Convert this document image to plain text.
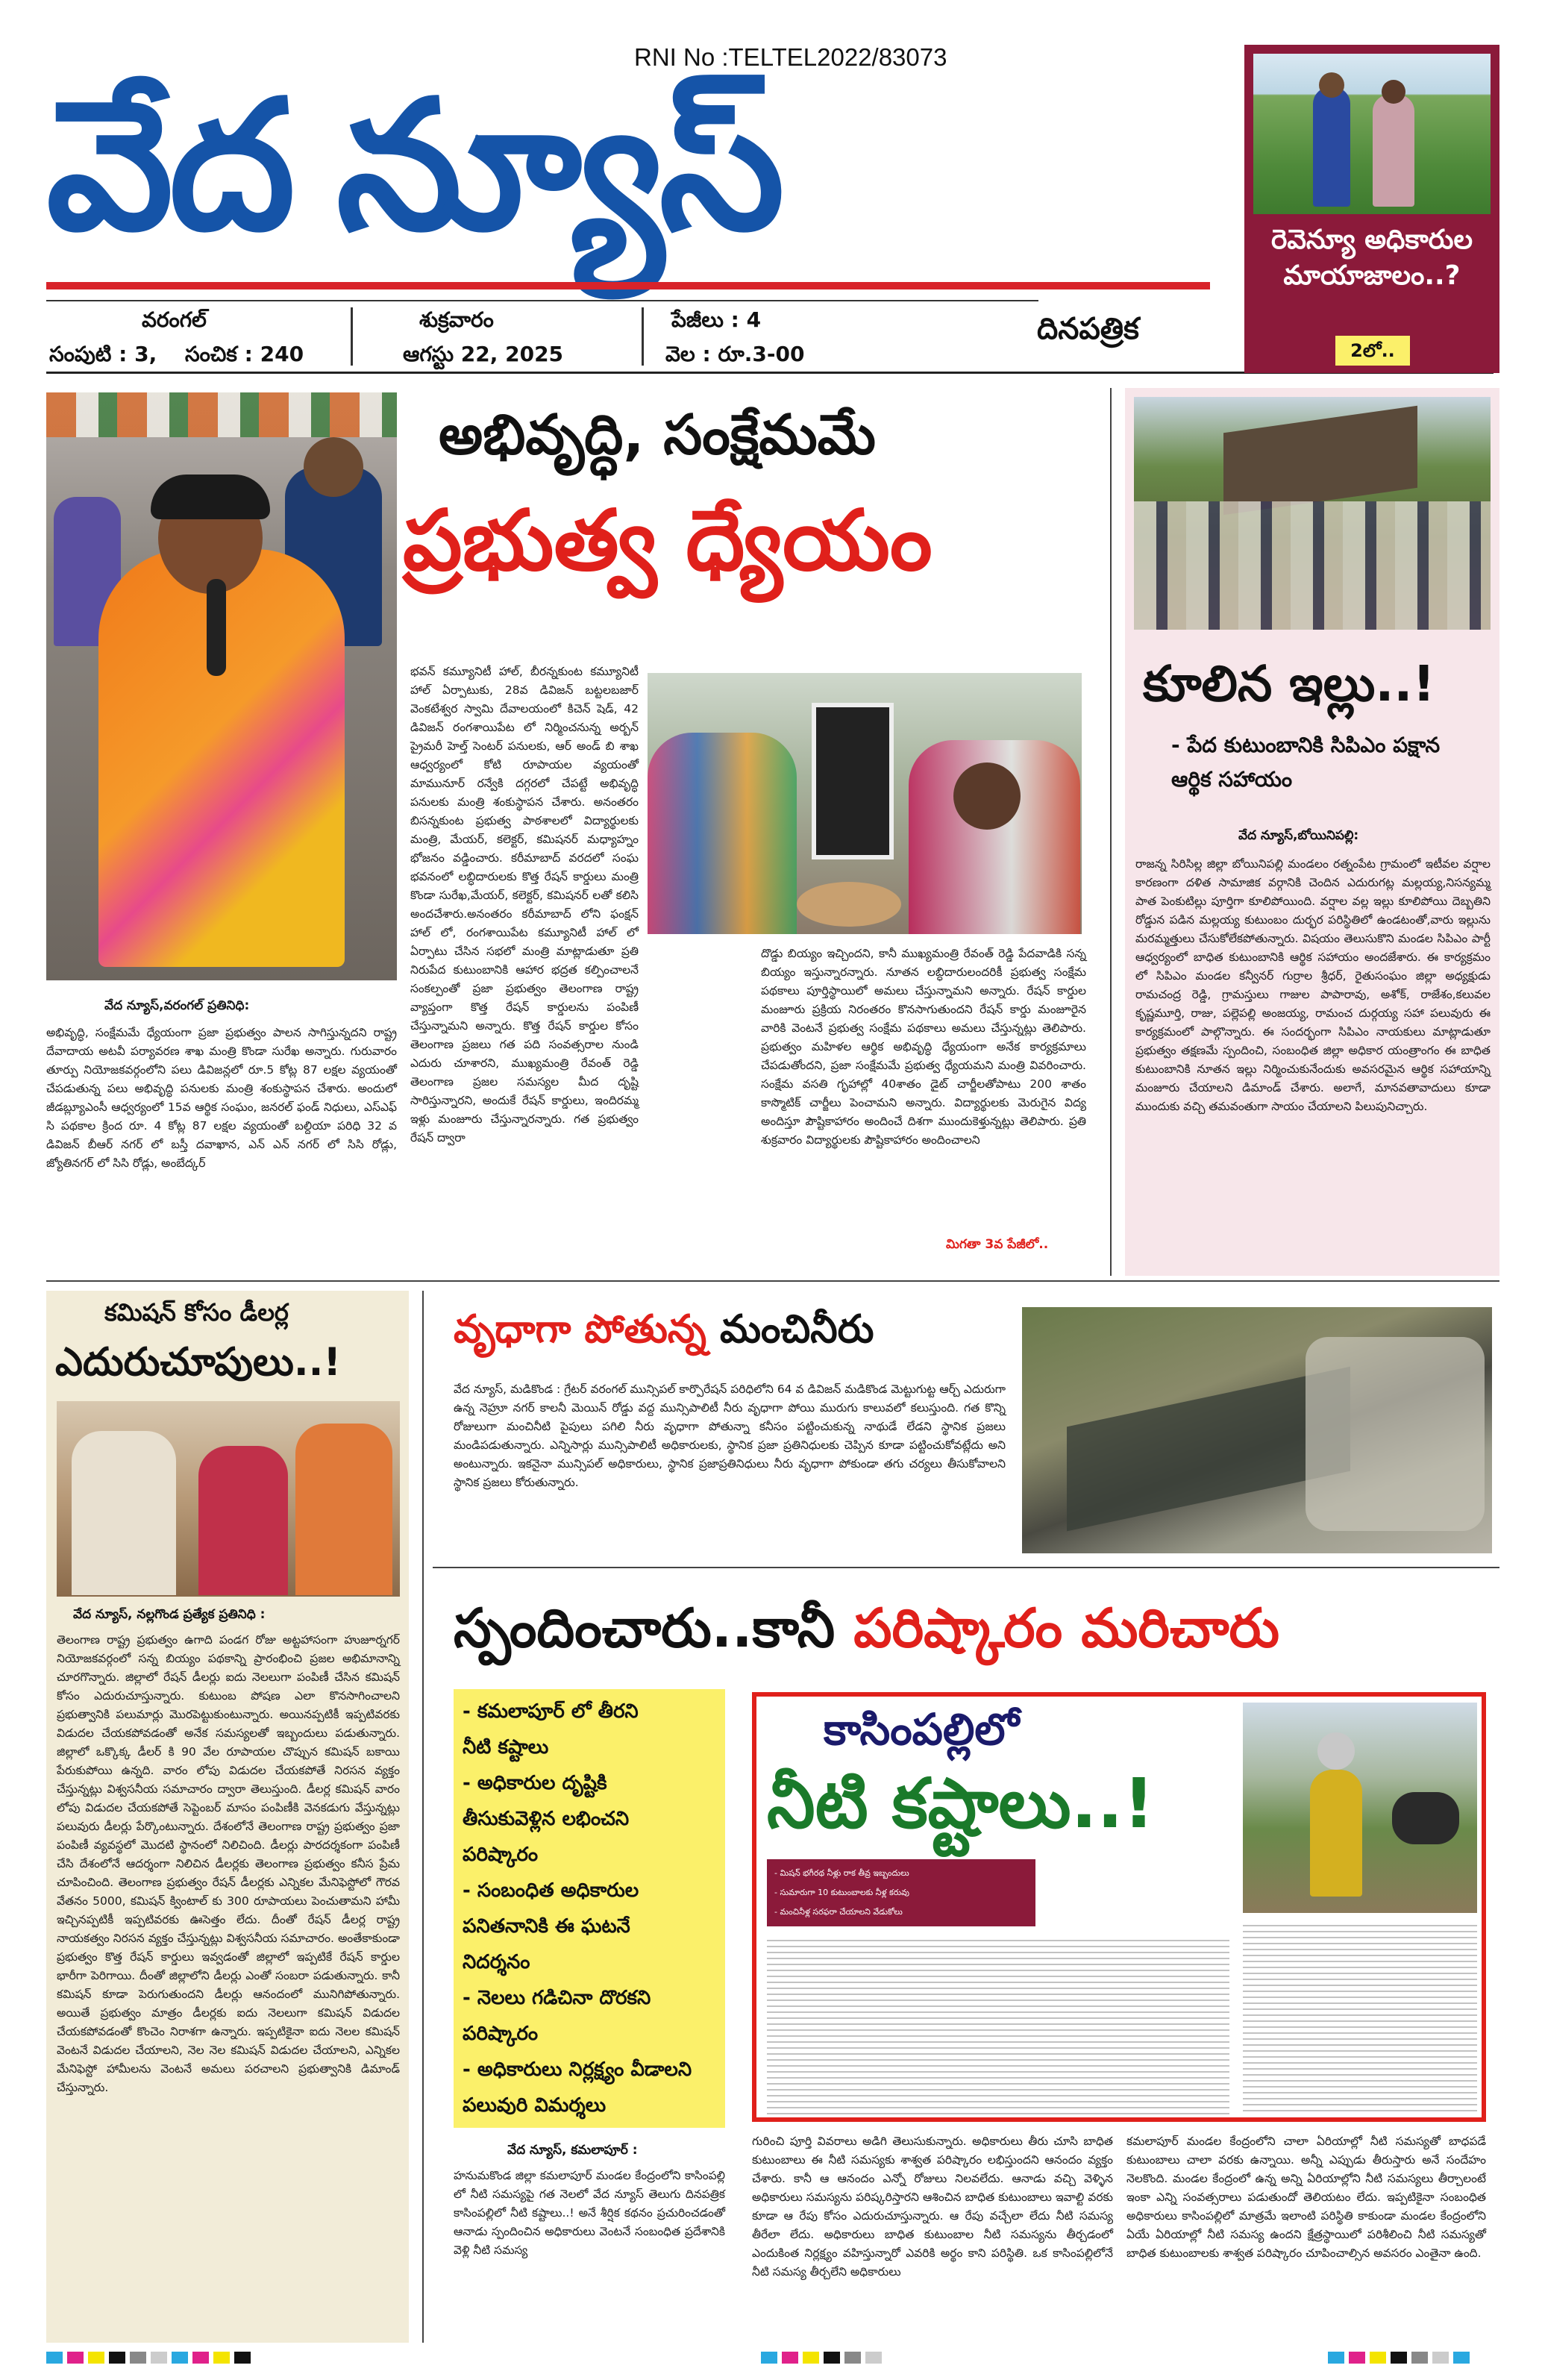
RNI No :TELTEL2022/83073
వేద న్యూస్
దినపత్రిక
వరంగల్
సంపుటి : 3, సంచిక : 240
శుక్రవారం
ఆగస్టు 22, 2025
పేజీలు : 4
వెల : రూ.3-00
రెవెన్యూ అధికారుల మాయాజాలం..?
2లో..
అభివృద్ధి, సంక్షేమమే
ప్రభుత్వ ధ్యేయం
వేద న్యూస్,వరంగల్ ప్రతినిధి:
అభివృద్ధి, సంక్షేమమే ధ్యేయంగా ప్రజా ప్రభుత్వం పాలన సాగిస్తున్నదని రాష్ట్ర దేవాదాయ అటవీ పర్యావరణ శాఖ మంత్రి కొండా సురేఖ అన్నారు. గురువారం తూర్పు నియోజకవర్గంలోని పలు డివిజన్లలో రూ.5 కోట్ల 87 లక్షల వ్యయంతో చేపడుతున్న పలు అభివృద్ధి పనులకు మంత్రి శంకుస్థాపన చేశారు. అందులో జీడబ్ల్యూఎంసీ ఆధ్వర్యంలో 15వ ఆర్థిక సంఘం, జనరల్ ఫండ్ నిధులు, ఎస్ఎఫ్ సి పథకాల క్రింద రూ. 4 కోట్ల 87 లక్షల వ్యయంతో బల్దియా పరిధి 32 వ డివిజన్ బీఆర్ నగర్ లో బస్తీ దవాఖాన, ఎన్ ఎన్ నగర్ లో సిసి రోడ్లు, జ్యోతినగర్ లో సిసి రోడ్లు, అంబేద్కర్
భవన్ కమ్యూనిటీ హాల్, బీరన్నకుంట కమ్యూనిటీ హాల్ ఏర్పాటుకు, 28వ డివిజన్ బట్టలబజార్ వెంకటేశ్వర స్వామి దేవాలయంలో కిచెన్ షెడ్, 42 డివిజన్ రంగశాయిపేట లో నిర్మించనున్న అర్బన్ ప్రైమరీ హెల్త్ సెంటర్ పనులకు, ఆర్ అండ్ బి శాఖ ఆధ్వర్యంలో కోటి రూపాయల వ్యయంతో మామునూర్ రన్వేకి దగ్గరలో చేపట్టే అభివృద్ధి పనులకు మంత్రి శంకుస్థాపన చేశారు. అనంతరం బిసన్నకుంట ప్రభుత్వ పాఠశాలలో విద్యార్థులకు మంత్రి, మేయర్, కలెక్టర్, కమిషనర్ మధ్యాహ్నం భోజనం వడ్డించారు. కరీమాబాద్ వరదలో సంఘ భవనంలో లబ్ధిదారులకు కొత్త రేషన్ కార్డులు మంత్రి కొండా సురేఖ,మేయర్, కలెక్టర్, కమిషనర్ లతో కలిసి అందచేశారు.అనంతరం కరీమాబాద్ లోని ఫంక్షన్ హాల్ లో, రంగశాయిపేట కమ్యూనిటీ హాల్ లో ఏర్పాటు చేసిన సభలో మంత్రి మాట్లాడుతూ ప్రతి నిరుపేద కుటుంబానికి ఆహార భద్రత కల్పించాలనే సంకల్పంతో ప్రజా ప్రభుత్వం తెలంగాణ రాష్ట్ర వ్యాప్తంగా కొత్త రేషన్ కార్డులను పంపిణీ చేస్తున్నామని అన్నారు. కొత్త రేషన్ కార్డుల కోసం తెలంగాణ ప్రజలు గత పది సంవత్సరాల నుండి ఎదురు చూశారని, ముఖ్యమంత్రి రేవంత్ రెడ్డి తెలంగాణ ప్రజల సమస్యల మీద దృష్టి సారిస్తున్నారని, అందుకే రేషన్ కార్డులు, ఇందిరమ్మ ఇళ్లు మంజూరు చేస్తున్నారన్నారు. గత ప్రభుత్వం రేషన్ ద్వారా
దొడ్డు బియ్యం ఇచ్చిందని, కానీ ముఖ్యమంత్రి రేవంత్ రెడ్డి పేదవాడికి సన్న బియ్యం ఇస్తున్నారన్నారు. నూతన లబ్ధిదారులందరికీ ప్రభుత్వ సంక్షేమ పథకాలు పూర్తిస్థాయిలో అమలు చేస్తున్నామని అన్నారు. రేషన్ కార్డుల మంజూరు ప్రక్రియ నిరంతరం కొనసాగుతుందని రేషన్ కార్డు మంజూరైన వారికి వెంటనే ప్రభుత్వ సంక్షేమ పథకాలు అమలు చేస్తున్నట్లు తెలిపారు. ప్రభుత్వం మహిళల ఆర్థిక అభివృద్ధి ధ్యేయంగా అనేక కార్యక్రమాలు చేపడుతోందని, ప్రజా సంక్షేమమే ప్రభుత్వ ధ్యేయమని మంత్రి వివరించారు. సంక్షేమ వసతి గృహాల్లో 40శాతం డైట్ చార్జీలతోపాటు 200 శాతం కాస్మొటిక్ చార్జీలు పెంచామని అన్నారు. విద్యార్థులకు మెరుగైన విద్య అందిస్తూ పౌష్టికాహారం అందించే దిశగా ముందుకెళ్తున్నట్లు తెలిపారు. ప్రతి శుక్రవారం విద్యార్థులకు పౌష్టికాహారం అందించాలని
మిగతా 3వ పేజీలో..
కూలిన ఇల్లు..!
- పేద కుటుంబానికి సిపిఎం పక్షాన ఆర్థిక సహాయం
వేద న్యూస్,బోయినిపల్లి:
రాజన్న సిరిసిల్ల జిల్లా బోయినిపల్లి మండలం రత్నంపేట గ్రామంలో ఇటీవల వర్షాల కారణంగా దళిత సామాజిక వర్గానికి చెందిన ఎదురుగట్ల మల్లయ్య,నిసన్యమ్మ పాత పెంకుటిల్లు పూర్తిగా కూలిపోయింది. వర్షాల వల్ల ఇల్లు కూలిపోయి దెబ్బతిని రోడ్డున పడిన మల్లయ్య కుటుంబం దుర్భర పరిస్థితిలో ఉండటంతో,వారు ఇల్లును మరమ్మత్తులు చేసుకోలేకపోతున్నారు. విషయం తెలుసుకొని మండల సిపిఎం పార్టీ ఆధ్వర్యంలో బాధిత కుటుంబానికి ఆర్థిక సహాయం అందజేశారు. ఈ కార్యక్రమం లో సిపిఎం మండల కన్వీనర్ గుర్రాల శ్రీధర్, రైతుసంఘం జిల్లా అధ్యక్షుడు రామచంద్ర రెడ్డి, గ్రామస్తులు గాజుల పాపారావు, అశోక్, రాజేశం,కలువల కృష్ణమూర్తి, రాజు, పల్లెపల్లి అంజయ్య, రామంచ దుర్గయ్య సహా పలువురు ఈ కార్యక్రమంలో పాల్గొన్నారు. ఈ సందర్భంగా సిపిఎం నాయకులు మాట్లాడుతూ ప్రభుత్వం తక్షణమే స్పందించి, సంబంధిత జిల్లా అధికార యంత్రాంగం ఈ బాధిత కుటుంబానికి నూతన ఇల్లు నిర్మించుకునేందుకు అవసరమైన ఆర్థిక సహాయాన్ని మంజూరు చేయాలని డిమాండ్ చేశారు. అలాగే, మానవతావాదులు కూడా ముందుకు వచ్చి తమవంతుగా సాయం చేయాలని పిలుపునిచ్చారు.
కమిషన్ కోసం డీలర్ల
ఎదురుచూపులు..!
వేద న్యూస్, నల్లగొండ ప్రత్యేక ప్రతినిధి :
తెలంగాణ రాష్ట్ర ప్రభుత్వం ఉగాది పండగ రోజు అట్టహాసంగా హుజూర్నగర్ నియోజకవర్గంలో సన్న బియ్యం పథకాన్ని ప్రారంభించి ప్రజల అభిమానాన్ని చూరగొన్నారు. జిల్లాలో రేషన్ డీలర్లు ఐదు నెలలుగా పంపిణీ చేసిన కమిషన్ కోసం ఎదురుచూస్తున్నారు. కుటుంబ పోషణ ఎలా కొనసాగించాలని ప్రభుత్వానికి పలుమార్లు మొరపెట్టుకుంటున్నారు. అయినప్పటికీ ఇప్పటివరకు విడుదల చేయకపోవడంతో అనేక సమస్యలతో ఇబ్బందులు పడుతున్నారు. జిల్లాలో ఒక్కొక్క డీలర్ కి 90 వేల రూపాయల చొప్పున కమిషన్ బకాయి పేరుకుపోయి ఉన్నది. వారం లోపు విడుదల చేయకపోతే నిరసన వ్యక్తం చేస్తున్నట్లు విశ్వసనీయ సమాచారం ద్వారా తెలుస్తుంది. డీలర్ల కమిషన్ వారం లోపు విడుదల చేయకపోతే సెప్టెంబర్ మాసం పంపిణీకి వెనకడుగు వేస్తున్నట్లు పలువురు డీలర్లు పేర్కొంటున్నారు. దేశంలోనే తెలంగాణ రాష్ట్ర ప్రభుత్వం ప్రజా పంపిణీ వ్యవస్థలో మొదటి స్థానంలో నిలిచింది. డీలర్లు పారదర్శకంగా పంపిణీ చేసి దేశంలోనే ఆదర్శంగా నిలిచిన డీలర్లకు తెలంగాణ ప్రభుత్వం కనీస ప్రేమ చూపించింది. తెలంగాణ ప్రభుత్వం రేషన్ డీలర్లకు ఎన్నికల మేనిఫెస్టోలో గౌరవ వేతనం 5000, కమిషన్ క్వింటాల్ కు 300 రూపాయలు పెంచుతామని హామీ ఇచ్చినప్పటికీ ఇప్పటివరకు ఊసెత్తం లేదు. దీంతో రేషన్ డీలర్ల రాష్ట్ర నాయకత్వం నిరసన వ్యక్తం చేస్తున్నట్లు విశ్వసనీయ సమాచారం. అంతేకాకుండా ప్రభుత్వం కొత్త రేషన్ కార్డులు ఇవ్వడంతో జిల్లాలో ఇప్పటికే రేషన్ కార్డుల భారీగా పెరిగాయి. దీంతో జిల్లాలోని డీలర్లు ఎంతో సంబరా పడుతున్నారు. కానీ కమిషన్ కూడా పెరుగుతుందని డీలర్లు ఆనందంలో మునిగిపోతున్నారు. అయితే ప్రభుత్వం మాత్రం డీలర్లకు ఐదు నెలలుగా కమిషన్ విడుదల చేయకపోవడంతో కొంచెం నిరాశగా ఉన్నారు. ఇప్పటికైనా ఐదు నెలల కమిషన్ వెంటనే విడుదల చేయాలని, నెల నెల కమిషన్ విడుదల చేయాలని, ఎన్నికల మేనిఫెస్టో హామీలను వెంటనే అమలు పరచాలని ప్రభుత్వానికి డిమాండ్ చేస్తున్నారు.
వృధాగా పోతున్న మంచినీరు
వేద న్యూస్, మడికొండ : గ్రేటర్ వరంగల్ మున్సిపల్ కార్పొరేషన్ పరిధిలోని 64 వ డివిజన్ మడికొండ మెట్టుగుట్ట ఆర్చ్ ఎదురుగా ఉన్న నెహ్రూ నగర్ కాలనీ మెయిన్ రోడ్డు వద్ద మున్సిపాలిటీ నీరు వృధాగా పోయి మురుగు కాలువలో కలుస్తుంది. గత కొన్ని రోజులుగా మంచినీటి పైపులు పగిలి నీరు వృధాగా పోతున్నా కనీసం పట్టించుకున్న నాథుడే లేడని స్థానిక ప్రజలు మండిపడుతున్నారు. ఎన్నిసార్లు మున్సిపాలిటీ అధికారులకు, స్థానిక ప్రజా ప్రతినిధులకు చెప్పిన కూడా పట్టించుకోవట్లేదు అని అంటున్నారు. ఇకనైనా మున్సిపల్ అధికారులు, స్థానిక ప్రజాప్రతినిధులు నీరు వృధాగా పోకుండా తగు చర్యలు తీసుకోవాలని స్థానిక ప్రజలు కోరుతున్నారు.
స్పందించారు..కానీ పరిష్కారం మరిచారు
- కమలాపూర్ లో తీరని
నీటి కష్టాలు
- అధికారుల దృష్టికి
తీసుకువెళ్లిన లభించని
పరిష్కారం
- సంబంధిత అధికారుల
పనితనానికి ఈ ఘటనే
నిదర్శనం
- నెలలు గడిచినా దొరకని
పరిష్కారం
- అధికారులు నిర్లక్ష్యం వీడాలని
పలువురి విమర్శలు
కాసింపల్లిలో
నీటి కష్టాలు..!
- మిషన్ భగీరథ నీళ్లు రాక తీవ్ర ఇబ్బందులు
- సుమారుగా 10 కుటుంబాలకు నీళ్ల కరువు
- మంచినీళ్ల సరఫరా చేయాలని వేడుకోలు
వేద న్యూస్, కమలాపూర్ :
హనుమకొండ జిల్లా కమలాపూర్ మండల కేంద్రంలోని కాసింపల్లి లో నీటి సమస్యపై గత నెలలో వేద న్యూస్ తెలుగు దినపత్రిక కాసింపల్లిలో నీటి కష్టాలు..! అనే శీర్షిక కథనం ప్రచురించడంతో ఆనాడు స్పందించిన అధికారులు వెంటనే సంబంధిత ప్రదేశానికి వెళ్లి నీటి సమస్య
గురించి పూర్తి వివరాలు అడిగి తెలుసుకున్నారు. అధికారులు తీరు చూసి బాధిత కుటుంబాలు ఈ నీటి సమస్యకు శాశ్వత పరిష్కారం లభిస్తుందని ఆనందం వ్యక్తం చేశారు. కానీ ఆ ఆనందం ఎన్నో రోజులు నిలవలేదు. ఆనాడు వచ్చి వెళ్ళిన అధికారులు సమస్యను పరిష్కరిస్తారని ఆశించిన బాధిత కుటుంబాలు ఇవాల్టి వరకు కూడా ఆ రేపు కోసం ఎదురుచూస్తున్నారు. ఆ రేపు వచ్చేలా లేదు నీటి సమస్య తీరేలా లేదు. అధికారులు బాధిత కుటుంబాల నీటి సమస్యను తీర్చడంలో ఎందుకింత నిర్లక్ష్యం వహిస్తున్నారో ఎవరికి అర్థం కాని పరిస్థితి. ఒక కాసింపల్లిలోనే నీటి సమస్య తీర్చలేని అధికారులు
కమలాపూర్ మండల కేంద్రంలోని చాలా ఏరియాల్లో నీటి సమస్యతో బాధపడే కుటుంబాలు చాలా వరకు ఉన్నాయి. అన్నీ ఎప్పుడు తీరుస్తారు అనే సందేహం నెలకొంది. మండల కేంద్రంలో ఉన్న అన్ని ఏరియాల్లోని నీటి సమస్యలు తీర్చాలంటే ఇంకా ఎన్ని సంవత్సరాలు పడుతుందో తెలియటం లేదు. ఇప్పటికైనా సంబంధిత అధికారులు కాసింపల్లిలో మాత్రమే ఇలాంటి పరిస్థితి కాకుండా మండల కేంద్రంలోని ఏయే ఏరియాల్లో నీటి సమస్య ఉందని క్షేత్రస్థాయిలో పరిశీలించి నీటి సమస్యతో బాధిత కుటుంబాలకు శాశ్వత పరిష్కారం చూపించాల్సిన అవసరం ఎంతైనా ఉంది.
